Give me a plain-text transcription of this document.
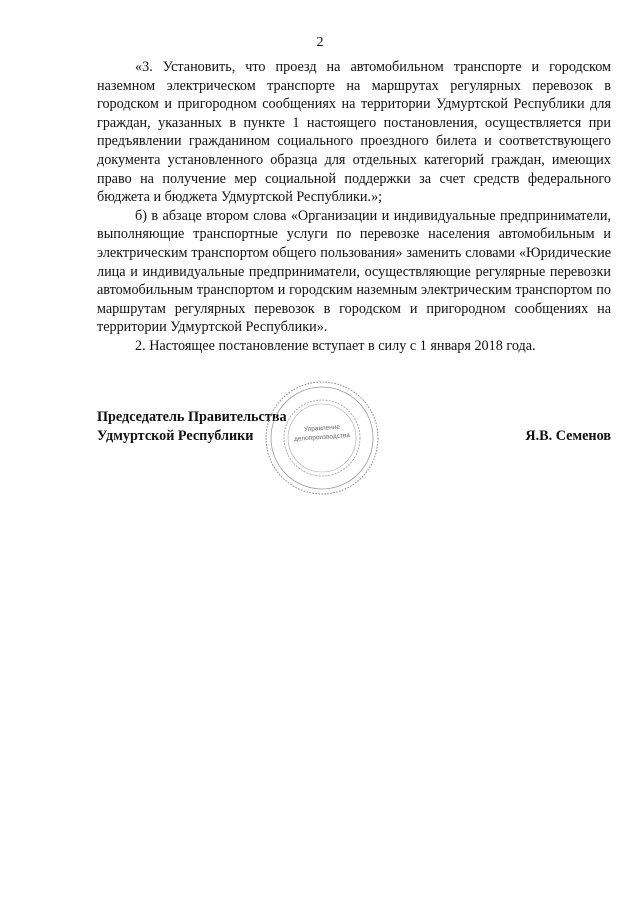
2

«3. Установить, что проезд на автомобильном транспорте и городском наземном электрическом транспорте на маршрутах регулярных перевозок в городском и пригородном сообщениях на территории Удмуртской Республики для граждан, указанных в пункте 1 настоящего постановления, осуществляется при предъявлении гражданином социального проездного билета и соответствующего документа установленного образца для отдельных категорий граждан, имеющих право на получение мер социальной поддержки за счет средств федерального бюджета и бюджета Удмуртской Республики.»;

б) в абзаце втором слова «Организации и индивидуальные предприниматели, выполняющие транспортные услуги по перевозке населения автомобильным и электрическим транспортом общего пользования» заменить словами «Юридические лица и индивидуальные предприниматели, осуществляющие регулярные перевозки автомобильным транспортом и городским наземным электрическим транспортом по маршрутам регулярных перевозок в городском и пригородном сообщениях на территории Удмуртской Республики».

2. Настоящее постановление вступает в силу с 1 января 2018 года.

Председатель Правительства
Удмуртской Республики	Я.В. Семенов
Управление
делопроизводства
